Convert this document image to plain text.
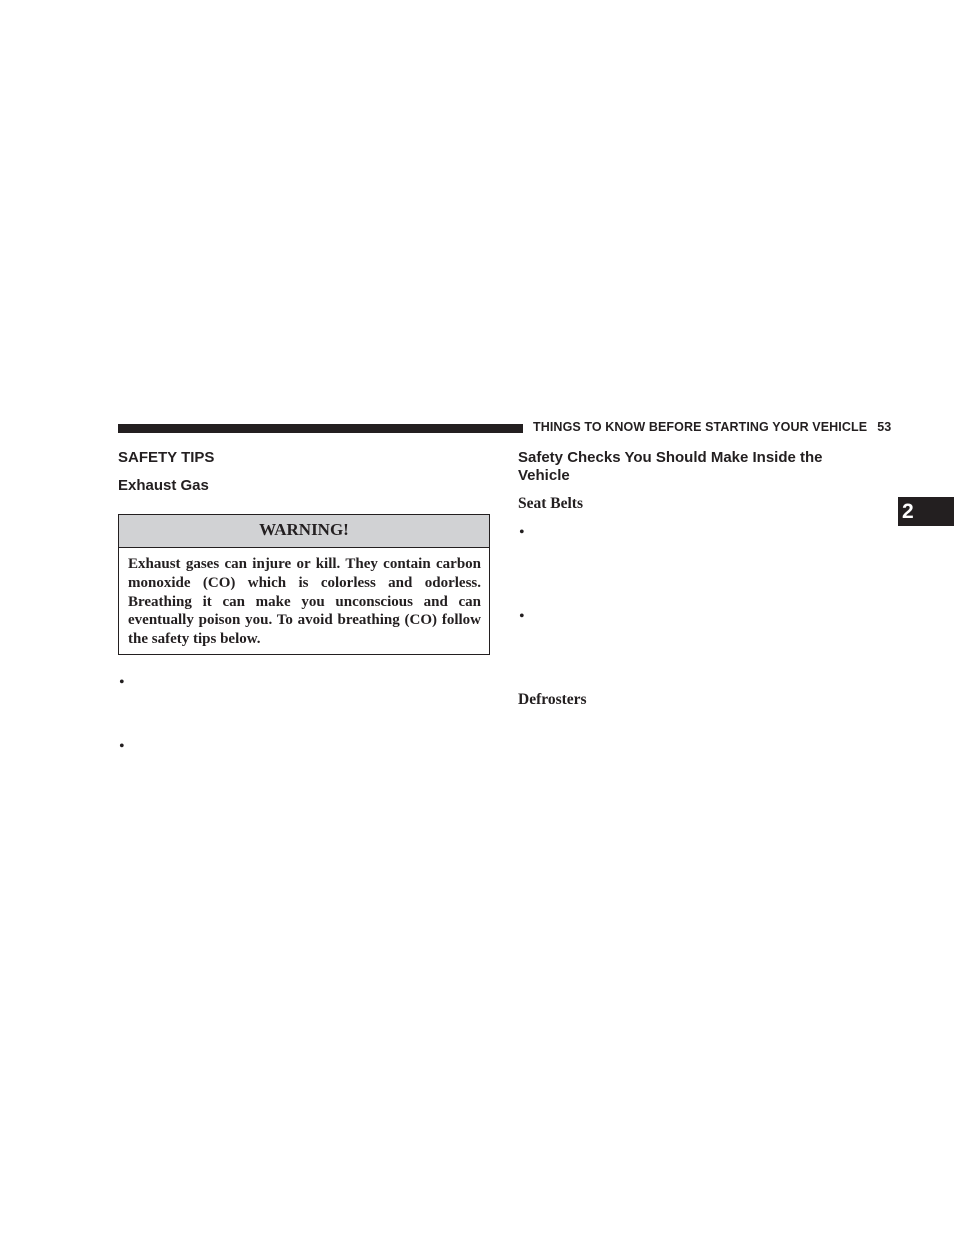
THINGS TO KNOW BEFORE STARTING YOUR VEHICLE 53
SAFETY TIPS
Exhaust Gas
WARNING!
Exhaust gases can injure or kill. They contain carbon monoxide (CO) which is colorless and odorless. Breathing it can make you unconscious and can eventually poison you. To avoid breathing (CO) follow the safety tips below.
•
•
Safety Checks You Should Make Inside the Vehicle
Seat Belts
•
•
Defrosters
2
